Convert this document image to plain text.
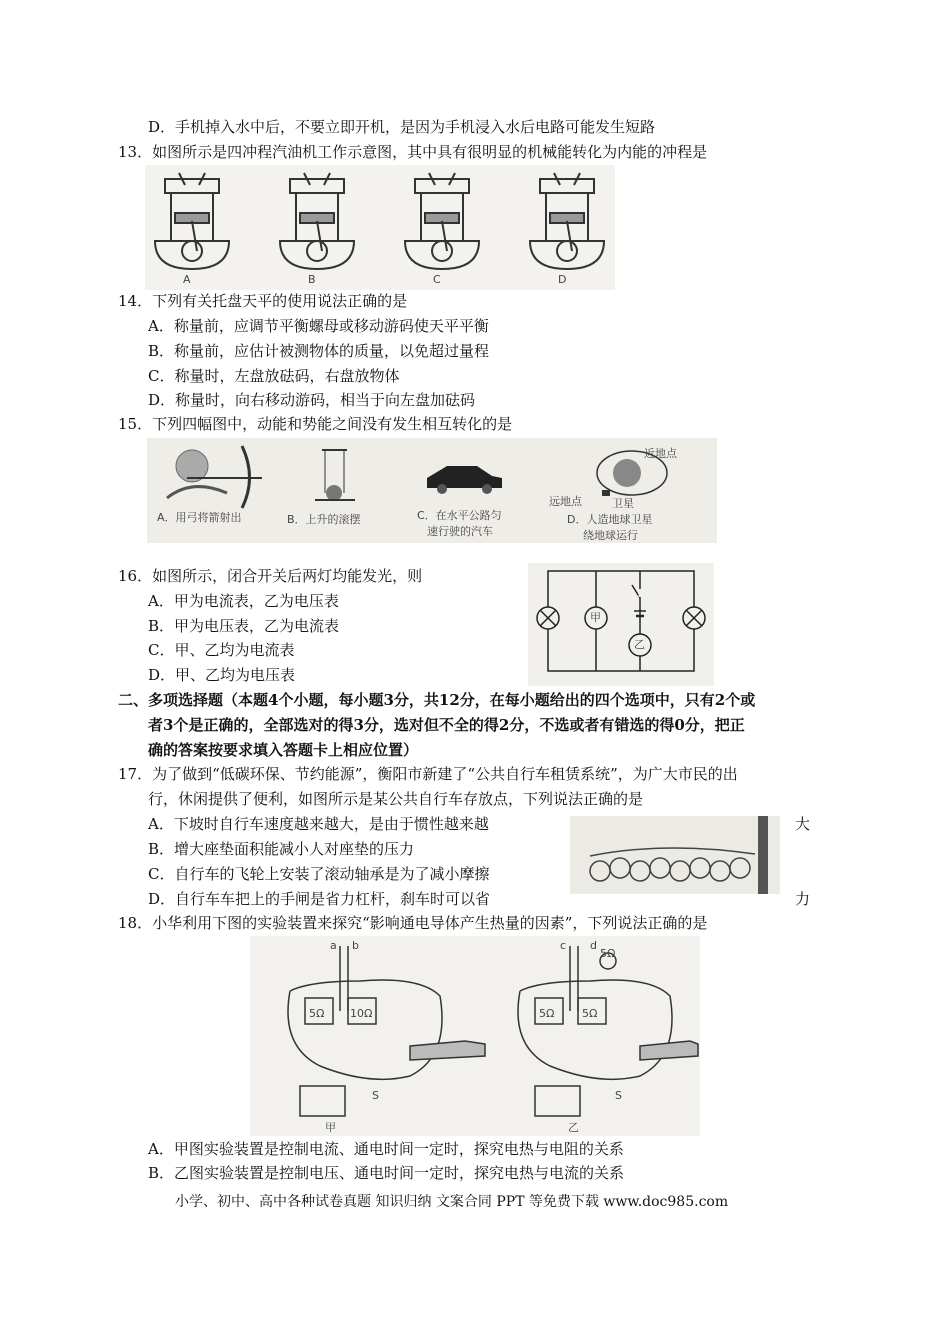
D．手机掉入水中后，不要立即开机，是因为手机浸入水后电路可能发生短路
13．如图所示是四冲程汽油机工作示意图，其中具有很明显的机械能转化为内能的冲程是
A	B	C	D
14．下列有关托盘天平的使用说法正确的是
A．称量前，应调节平衡螺母或移动游码使天平平衡
B．称量前，应估计被测物体的质量，以免超过量程
C．称量时，左盘放砝码，右盘放物体
D．称量时，向右移动游码，相当于向左盘加砝码
15．下列四幅图中，动能和势能之间没有发生相互转化的是
A．用弓将箭射出	B．上升的滚摆	C．在水平公路匀
速行驶的汽车
D．人造地球卫星
绕地球运行
近地点
远地点	卫星
16．如图所示，闭合开关后两灯均能发光，则
A．甲为电流表，乙为电压表
B．甲为电压表，乙为电流表
C．甲、乙均为电流表
D．甲、乙均为电压表
甲
乙
二、多项选择题（本题4个小题，每小题3分，共12分，在每小题给出的四个选项中，只有2个或
者3个是正确的，全部选对的得3分，选对但不全的得2分，不选或者有错选的得0分，把正
确的答案按要求填入答题卡上相应位置）
17．为了做到“低碳环保、节约能源”，衡阳市新建了“公共自行车租赁系统”，为广大市民的出
行，休闲提供了便利，如图所示是某公共自行车存放点，下列说法正确的是
A．下坡时自行车速度越来越大，是由于惯性越来越	大
B．增大座垫面积能减小人对座垫的压力
C．自行车的飞轮上安装了滚动轴承是为了减小摩擦
D．自行车车把上的手闸是省力杠杆，刹车时可以省	力
18．小华利用下图的实验装置来探究“影响通电导体产生热量的因素”，下列说法正确的是
a b	c d
5Ω 10Ω	5Ω	5Ω
5Ω
S	S
甲	乙
A．甲图实验装置是控制电流、通电时间一定时，探究电热与电阻的关系
B．乙图实验装置是控制电压、通电时间一定时，探究电热与电流的关系
小学、初中、高中各种试卷真题 知识归纳 文案合同 PPT 等免费下载 www.doc985.com
